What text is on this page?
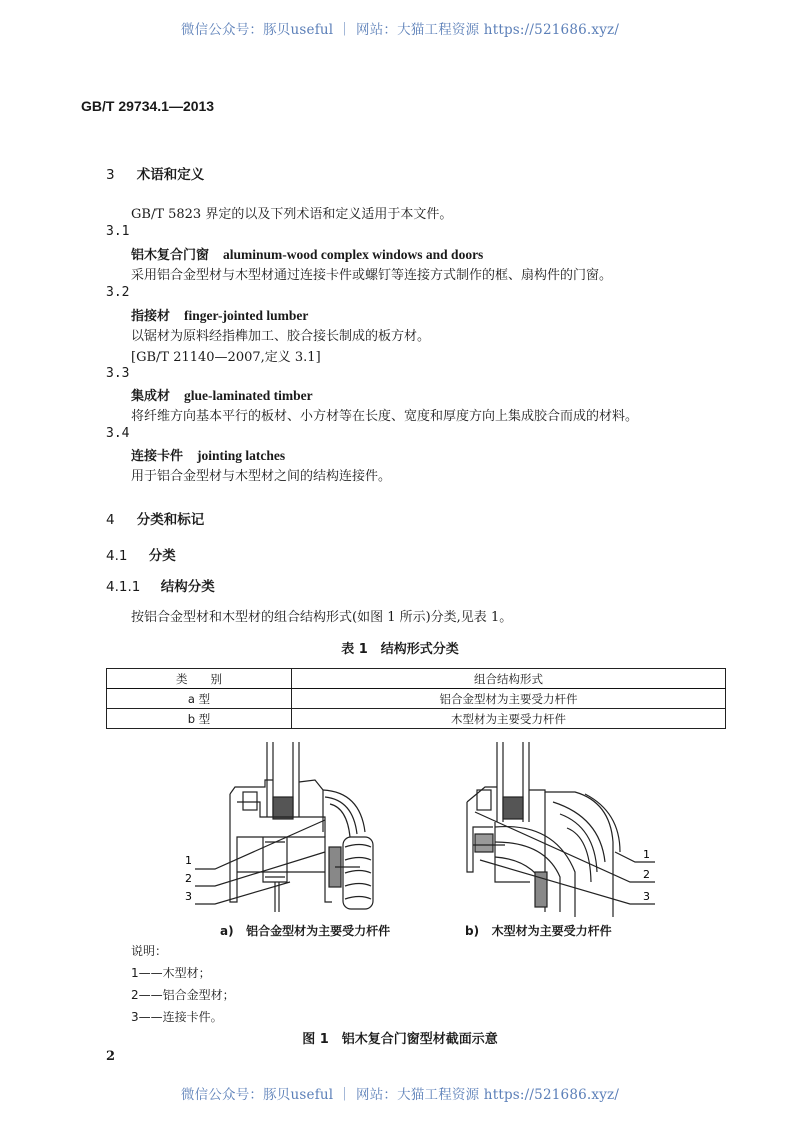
微信公众号：豚贝useful ｜ 网站：大猫工程资源 https://521686.xyz/
GB/T 29734.1—2013
3 术语和定义
GB/T 5823 界定的以及下列术语和定义适用于本文件。
3.1
铝木复合门窗 aluminum-wood complex windows and doors
采用铝合金型材与木型材通过连接卡件或螺钉等连接方式制作的框、扇构件的门窗。
3.2
指接材 finger-jointed lumber
以锯材为原料经指榫加工、胶合接长制成的板方材。
[GB/T 21140—2007,定义 3.1]
3.3
集成材 glue-laminated timber
将纤维方向基本平行的板材、小方材等在长度、宽度和厚度方向上集成胶合而成的材料。
3.4
连接卡件 jointing latches
用于铝合金型材与木型材之间的结构连接件。
4 分类和标记
4.1 分类
4.1.1 结构分类
按铝合金型材和木型材的组合结构形式(如图 1 所示)分类,见表 1。
表 1　结构形式分类
类　　别	组合结构形式
a 型	铝合金型材为主要受力杆件
b 型	木型材为主要受力杆件
1
2
3
1
2
3
a) 铝合金型材为主要受力杆件	b) 木型材为主要受力杆件
说明：
1——木型材；
2——铝合金型材；
3——连接卡件。
图 1　铝木复合门窗型材截面示意
2
微信公众号：豚贝useful ｜ 网站：大猫工程资源 https://521686.xyz/
